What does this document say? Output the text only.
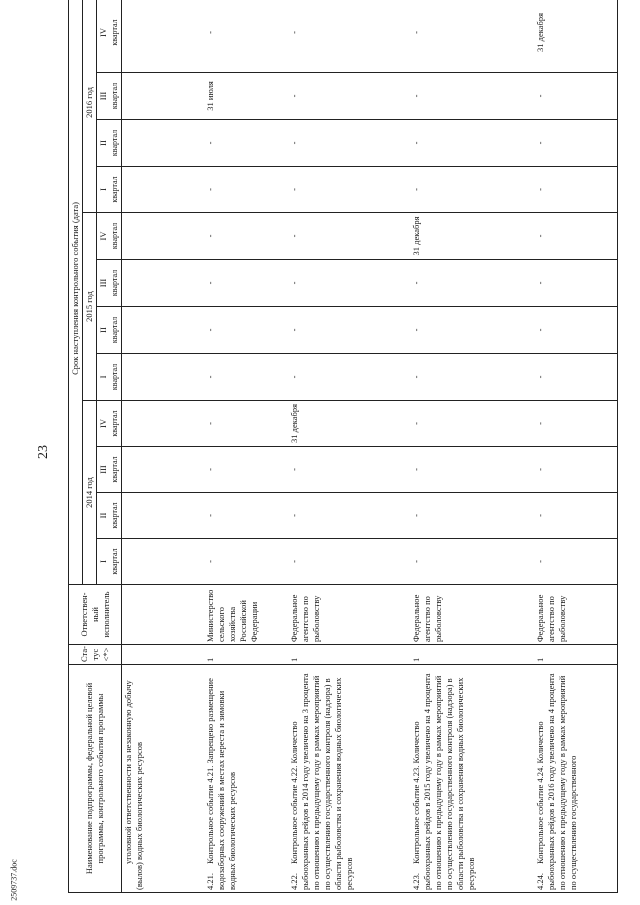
23
2509737.doc
Наименование подпрограммы, федеральной целевой программы, контрольного события программы	Ста-тус <*>	Ответствен-ный исполнитель	Срок наступления контрольного события (дата)											
			2014 год				2015 год				2016 год			
			I квартал	II квартал	III квартал	IV квартал	I квартал	II квартал	III квартал	IV квартал	I квартал	II квартал	III квартал	IV квартал
уголовной ответственности за незаконную добычу (вылов) водных биологических ресурсов														
4.21.Контрольное событие 4.21. Запрещено размещение водозаборных сооружений в местах нереста и зимовки водных биологических ресурсов	1	Министерство сельского хозяйства Российской Федерации	-	-	-	-	-	-	-	-	-	-	31 июля	-
4.22.Контрольное событие 4.22. Количество рыбоохранных рейдов в 2014 году увеличено на 3 процента по отношению к предыдущему году в рамках мероприятий по осуществлению государственного контроля (надзора) в области рыболовства и сохранения водных биологических ресурсов	1	Федеральное агентство по рыболовству	-	-	-	31 декабря	-	-	-	-	-	-	-	-
4.23.Контрольное событие 4.23. Количество рыбоохранных рейдов в 2015 году увеличено на 4 процента по отношению к предыдущему году в рамках мероприятий по осуществлению государственного контроля (надзора) в области рыболовства и сохранения водных биологических ресурсов	1	Федеральное агентство по рыболовству	-	-	-	-	-	-	-	31 декабря	-	-	-	-
4.24.Контрольное событие 4.24. Количество рыбоохранных рейдов в 2016 году увеличено на 4 процента по отношению к предыдущему году в рамках мероприятий по осуществлению государственного	1	Федеральное агентство по рыболовству	-	-	-	-	-	-	-	-	-	-	-	31 декабря
